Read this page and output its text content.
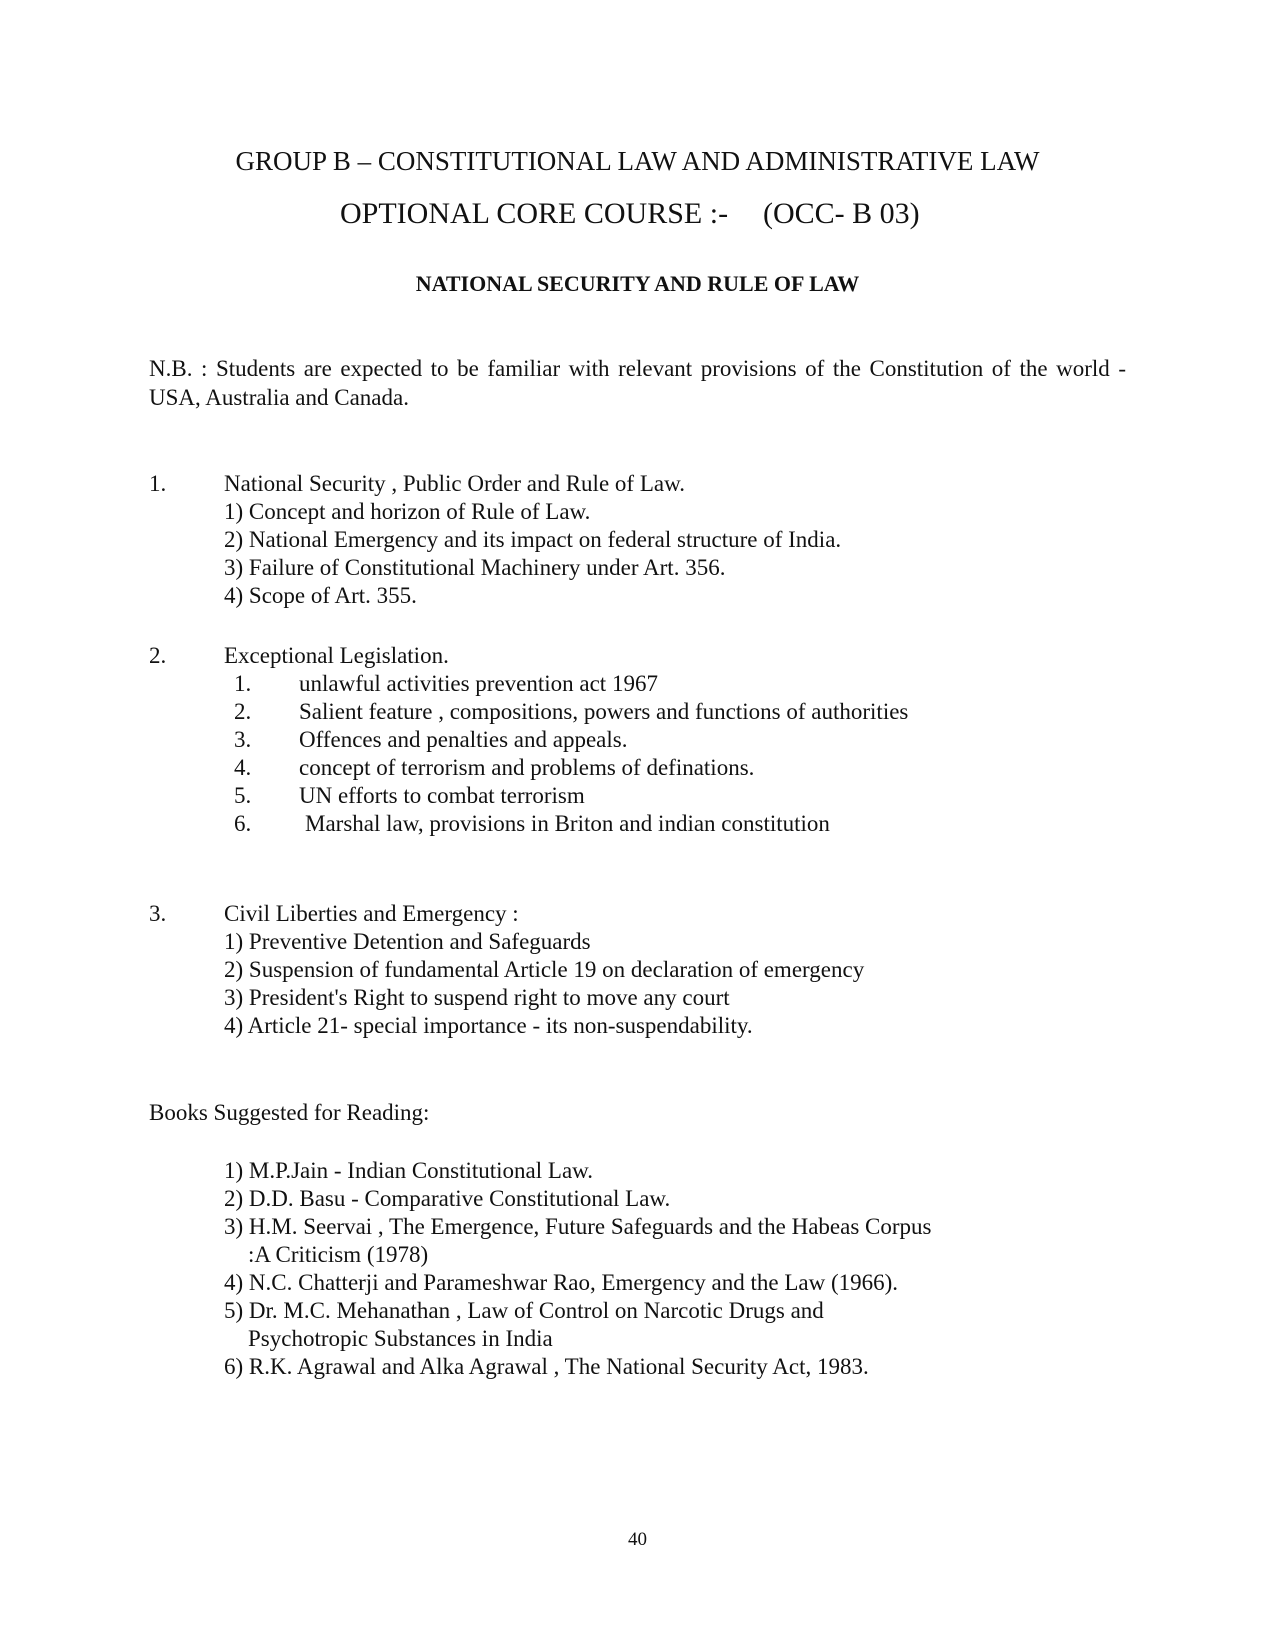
GROUP B – CONSTITUTIONAL LAW AND ADMINISTRATIVE LAW
OPTIONAL CORE COURSE :- (OCC- B 03)
NATIONAL SECURITY AND RULE OF LAW
N.B. : Students are expected to be familiar with relevant provisions of the Constitution of the world - USA, Australia and Canada.
1.	National Security , Public Order and Rule of Law.
1) Concept and horizon of Rule of Law.
2) National Emergency and its impact on federal structure of India.
3) Failure of Constitutional Machinery under Art. 356.
4) Scope of Art. 355.
2.	Exceptional Legislation.
1. unlawful activities prevention act 1967
2. Salient feature , compositions, powers and functions of authorities
3. Offences and penalties and appeals.
4. concept of terrorism and problems of definations.
5. UN efforts to combat terrorism
6. Marshal law, provisions in Briton and indian constitution
3.	Civil Liberties and Emergency :
1) Preventive Detention and Safeguards
2) Suspension of fundamental Article 19 on declaration of emergency
3) President's Right to suspend right to move any court
4) Article 21- special importance - its non-suspendability.
Books Suggested for Reading:
1) M.P.Jain - Indian Constitutional Law.
2) D.D. Basu - Comparative Constitutional Law.
3) H.M. Seervai , The Emergence, Future Safeguards and the Habeas Corpus
:A Criticism (1978)
4) N.C. Chatterji and Parameshwar Rao, Emergency and the Law (1966).
5) Dr. M.C. Mehanathan , Law of Control on Narcotic Drugs and
Psychotropic Substances in India
6) R.K. Agrawal and Alka Agrawal , The National Security Act, 1983.
40
